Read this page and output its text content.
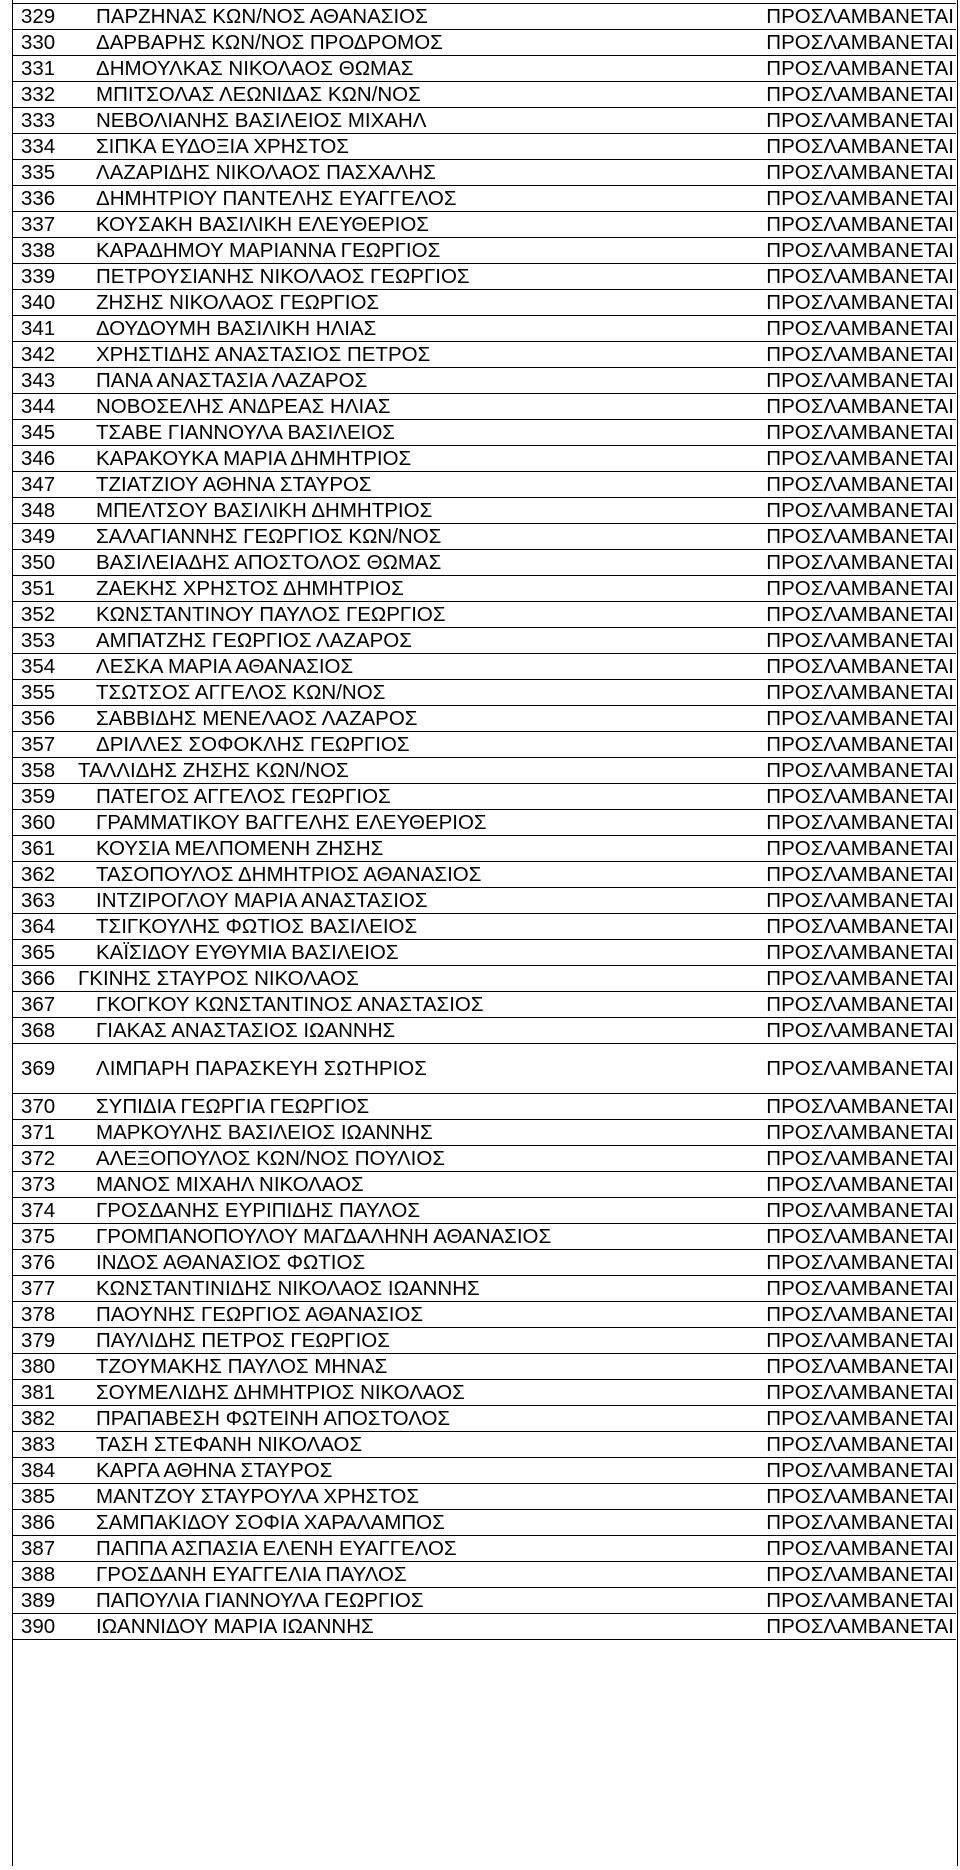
329	ΠΑΡΖΗΝΑΣ ΚΩΝ/ΝΟΣ ΑΘΑΝΑΣΙΟΣ	ΠΡΟΣΛΑΜΒΑΝΕΤΑΙ
330	ΔΑΡΒΑΡΗΣ ΚΩΝ/ΝΟΣ ΠΡΟΔΡΟΜΟΣ	ΠΡΟΣΛΑΜΒΑΝΕΤΑΙ
331	ΔΗΜΟΥΛΚΑΣ ΝΙΚΟΛΑΟΣ ΘΩΜΑΣ	ΠΡΟΣΛΑΜΒΑΝΕΤΑΙ
332	ΜΠΙΤΣΟΛΑΣ ΛΕΩΝΙΔΑΣ ΚΩΝ/ΝΟΣ	ΠΡΟΣΛΑΜΒΑΝΕΤΑΙ
333	ΝΕΒΟΛΙΑΝΗΣ ΒΑΣΙΛΕΙΟΣ ΜΙΧΑΗΛ	ΠΡΟΣΛΑΜΒΑΝΕΤΑΙ
334	ΣΙΠΚΑ ΕΥΔΟΞΙΑ ΧΡΗΣΤΟΣ	ΠΡΟΣΛΑΜΒΑΝΕΤΑΙ
335	ΛΑΖΑΡΙΔΗΣ ΝΙΚΟΛΑΟΣ ΠΑΣΧΑΛΗΣ	ΠΡΟΣΛΑΜΒΑΝΕΤΑΙ
336	ΔΗΜΗΤΡΙΟΥ ΠΑΝΤΕΛΗΣ ΕΥΑΓΓΕΛΟΣ	ΠΡΟΣΛΑΜΒΑΝΕΤΑΙ
337	ΚΟΥΣΑΚΗ ΒΑΣΙΛΙΚΗ ΕΛΕΥΘΕΡΙΟΣ	ΠΡΟΣΛΑΜΒΑΝΕΤΑΙ
338	ΚΑΡΑΔΗΜΟΥ ΜΑΡΙΑΝΝΑ ΓΕΩΡΓΙΟΣ	ΠΡΟΣΛΑΜΒΑΝΕΤΑΙ
339	ΠΕΤΡΟΥΣΙΑΝΗΣ ΝΙΚΟΛΑΟΣ ΓΕΩΡΓΙΟΣ	ΠΡΟΣΛΑΜΒΑΝΕΤΑΙ
340	ΖΗΣΗΣ ΝΙΚΟΛΑΟΣ ΓΕΩΡΓΙΟΣ	ΠΡΟΣΛΑΜΒΑΝΕΤΑΙ
341	ΔΟΥΔΟΥΜΗ ΒΑΣΙΛΙΚΗ ΗΛΙΑΣ	ΠΡΟΣΛΑΜΒΑΝΕΤΑΙ
342	ΧΡΗΣΤΙΔΗΣ ΑΝΑΣΤΑΣΙΟΣ ΠΕΤΡΟΣ	ΠΡΟΣΛΑΜΒΑΝΕΤΑΙ
343	ΠΑΝΑ ΑΝΑΣΤΑΣΙΑ ΛΑΖΑΡΟΣ	ΠΡΟΣΛΑΜΒΑΝΕΤΑΙ
344	ΝΟΒΟΣΕΛΗΣ ΑΝΔΡΕΑΣ ΗΛΙΑΣ	ΠΡΟΣΛΑΜΒΑΝΕΤΑΙ
345	ΤΣΑΒΕ ΓΙΑΝΝΟΥΛΑ ΒΑΣΙΛΕΙΟΣ	ΠΡΟΣΛΑΜΒΑΝΕΤΑΙ
346	ΚΑΡΑΚΟΥΚΑ ΜΑΡΙΑ ΔΗΜΗΤΡΙΟΣ	ΠΡΟΣΛΑΜΒΑΝΕΤΑΙ
347	ΤΖΙΑΤΖΙΟΥ ΑΘΗΝΑ ΣΤΑΥΡΟΣ	ΠΡΟΣΛΑΜΒΑΝΕΤΑΙ
348	ΜΠΕΛΤΣΟΥ ΒΑΣΙΛΙΚΗ ΔΗΜΗΤΡΙΟΣ	ΠΡΟΣΛΑΜΒΑΝΕΤΑΙ
349	ΣΑΛΑΓΙΑΝΝΗΣ ΓΕΩΡΓΙΟΣ ΚΩΝ/ΝΟΣ	ΠΡΟΣΛΑΜΒΑΝΕΤΑΙ
350	ΒΑΣΙΛΕΙΑΔΗΣ ΑΠΟΣΤΟΛΟΣ ΘΩΜΑΣ	ΠΡΟΣΛΑΜΒΑΝΕΤΑΙ
351	ΖΑΕΚΗΣ ΧΡΗΣΤΟΣ ΔΗΜΗΤΡΙΟΣ	ΠΡΟΣΛΑΜΒΑΝΕΤΑΙ
352	ΚΩΝΣΤΑΝΤΙΝΟΥ ΠΑΥΛΟΣ ΓΕΩΡΓΙΟΣ	ΠΡΟΣΛΑΜΒΑΝΕΤΑΙ
353	ΑΜΠΑΤΖΗΣ ΓΕΩΡΓΙΟΣ ΛΑΖΑΡΟΣ	ΠΡΟΣΛΑΜΒΑΝΕΤΑΙ
354	ΛΕΣΚΑ ΜΑΡΙΑ ΑΘΑΝΑΣΙΟΣ	ΠΡΟΣΛΑΜΒΑΝΕΤΑΙ
355	ΤΣΩΤΣΟΣ ΑΓΓΕΛΟΣ ΚΩΝ/ΝΟΣ	ΠΡΟΣΛΑΜΒΑΝΕΤΑΙ
356	ΣΑΒΒΙΔΗΣ ΜΕΝΕΛΑΟΣ ΛΑΖΑΡΟΣ	ΠΡΟΣΛΑΜΒΑΝΕΤΑΙ
357	ΔΡΙΛΛΕΣ ΣΟΦΟΚΛΗΣ ΓΕΩΡΓΙΟΣ	ΠΡΟΣΛΑΜΒΑΝΕΤΑΙ
358	ΤΑΛΛΙΔΗΣ ΖΗΣΗΣ ΚΩΝ/ΝΟΣ	ΠΡΟΣΛΑΜΒΑΝΕΤΑΙ
359	ΠΑΤΕΓΟΣ ΑΓΓΕΛΟΣ ΓΕΩΡΓΙΟΣ	ΠΡΟΣΛΑΜΒΑΝΕΤΑΙ
360	ΓΡΑΜΜΑΤΙΚΟΥ ΒΑΓΓΕΛΗΣ ΕΛΕΥΘΕΡΙΟΣ	ΠΡΟΣΛΑΜΒΑΝΕΤΑΙ
361	ΚΟΥΣΙΑ ΜΕΛΠΟΜΕΝΗ ΖΗΣΗΣ	ΠΡΟΣΛΑΜΒΑΝΕΤΑΙ
362	ΤΑΣΟΠΟΥΛΟΣ ΔΗΜΗΤΡΙΟΣ ΑΘΑΝΑΣΙΟΣ	ΠΡΟΣΛΑΜΒΑΝΕΤΑΙ
363	ΙΝΤΖΙΡΟΓΛΟΥ ΜΑΡΙΑ ΑΝΑΣΤΑΣΙΟΣ	ΠΡΟΣΛΑΜΒΑΝΕΤΑΙ
364	ΤΣΙΓΚΟΥΛΗΣ ΦΩΤΙΟΣ ΒΑΣΙΛΕΙΟΣ	ΠΡΟΣΛΑΜΒΑΝΕΤΑΙ
365	ΚΑΪΣΙΔΟΥ ΕΥΘΥΜΙΑ ΒΑΣΙΛΕΙΟΣ	ΠΡΟΣΛΑΜΒΑΝΕΤΑΙ
366	ΓΚΙΝΗΣ ΣΤΑΥΡΟΣ ΝΙΚΟΛΑΟΣ	ΠΡΟΣΛΑΜΒΑΝΕΤΑΙ
367	ΓΚΟΓΚΟΥ ΚΩΝΣΤΑΝΤΙΝΟΣ ΑΝΑΣΤΑΣΙΟΣ	ΠΡΟΣΛΑΜΒΑΝΕΤΑΙ
368	ΓΙΑΚΑΣ ΑΝΑΣΤΑΣΙΟΣ ΙΩΑΝΝΗΣ	ΠΡΟΣΛΑΜΒΑΝΕΤΑΙ
369	ΛΙΜΠΑΡΗ ΠΑΡΑΣΚΕΥΗ ΣΩΤΗΡΙΟΣ	ΠΡΟΣΛΑΜΒΑΝΕΤΑΙ
370	ΣΥΠΙΔΙΑ ΓΕΩΡΓΙΑ ΓΕΩΡΓΙΟΣ	ΠΡΟΣΛΑΜΒΑΝΕΤΑΙ
371	ΜΑΡΚΟΥΛΗΣ ΒΑΣΙΛΕΙΟΣ ΙΩΑΝΝΗΣ	ΠΡΟΣΛΑΜΒΑΝΕΤΑΙ
372	ΑΛΕΞΟΠΟΥΛΟΣ ΚΩΝ/ΝΟΣ ΠΟΥΛΙΟΣ	ΠΡΟΣΛΑΜΒΑΝΕΤΑΙ
373	ΜΑΝΟΣ ΜΙΧΑΗΛ ΝΙΚΟΛΑΟΣ	ΠΡΟΣΛΑΜΒΑΝΕΤΑΙ
374	ΓΡΟΣΔΑΝΗΣ ΕΥΡΙΠΙΔΗΣ ΠΑΥΛΟΣ	ΠΡΟΣΛΑΜΒΑΝΕΤΑΙ
375	ΓΡΟΜΠΑΝΟΠΟΥΛΟΥ ΜΑΓΔΑΛΗΝΗ ΑΘΑΝΑΣΙΟΣ	ΠΡΟΣΛΑΜΒΑΝΕΤΑΙ
376	ΙΝΔΟΣ ΑΘΑΝΑΣΙΟΣ ΦΩΤΙΟΣ	ΠΡΟΣΛΑΜΒΑΝΕΤΑΙ
377	ΚΩΝΣΤΑΝΤΙΝΙΔΗΣ ΝΙΚΟΛΑΟΣ ΙΩΑΝΝΗΣ	ΠΡΟΣΛΑΜΒΑΝΕΤΑΙ
378	ΠΑΟΥΝΗΣ ΓΕΩΡΓΙΟΣ ΑΘΑΝΑΣΙΟΣ	ΠΡΟΣΛΑΜΒΑΝΕΤΑΙ
379	ΠΑΥΛΙΔΗΣ ΠΕΤΡΟΣ ΓΕΩΡΓΙΟΣ	ΠΡΟΣΛΑΜΒΑΝΕΤΑΙ
380	ΤΖΟΥΜΑΚΗΣ ΠΑΥΛΟΣ ΜΗΝΑΣ	ΠΡΟΣΛΑΜΒΑΝΕΤΑΙ
381	ΣΟΥΜΕΛΙΔΗΣ ΔΗΜΗΤΡΙΟΣ ΝΙΚΟΛΑΟΣ	ΠΡΟΣΛΑΜΒΑΝΕΤΑΙ
382	ΠΡΑΠΑΒΕΣΗ ΦΩΤΕΙΝΗ ΑΠΟΣΤΟΛΟΣ	ΠΡΟΣΛΑΜΒΑΝΕΤΑΙ
383	ΤΑΣΗ ΣΤΕΦΑΝΗ ΝΙΚΟΛΑΟΣ	ΠΡΟΣΛΑΜΒΑΝΕΤΑΙ
384	ΚΑΡΓΑ ΑΘΗΝΑ ΣΤΑΥΡΟΣ	ΠΡΟΣΛΑΜΒΑΝΕΤΑΙ
385	ΜΑΝΤΖΟΥ ΣΤΑΥΡΟΥΛΑ ΧΡΗΣΤΟΣ	ΠΡΟΣΛΑΜΒΑΝΕΤΑΙ
386	ΣΑΜΠΑΚΙΔΟΥ ΣΟΦΙΑ ΧΑΡΑΛΑΜΠΟΣ	ΠΡΟΣΛΑΜΒΑΝΕΤΑΙ
387	ΠΑΠΠΑ ΑΣΠΑΣΙΑ ΕΛΕΝΗ ΕΥΑΓΓΕΛΟΣ	ΠΡΟΣΛΑΜΒΑΝΕΤΑΙ
388	ΓΡΟΣΔΑΝΗ ΕΥΑΓΓΕΛΙΑ ΠΑΥΛΟΣ	ΠΡΟΣΛΑΜΒΑΝΕΤΑΙ
389	ΠΑΠΟΥΛΙΑ ΓΙΑΝΝΟΥΛΑ ΓΕΩΡΓΙΟΣ	ΠΡΟΣΛΑΜΒΑΝΕΤΑΙ
390	ΙΩΑΝΝΙΔΟΥ ΜΑΡΙΑ ΙΩΑΝΝΗΣ	ΠΡΟΣΛΑΜΒΑΝΕΤΑΙ
